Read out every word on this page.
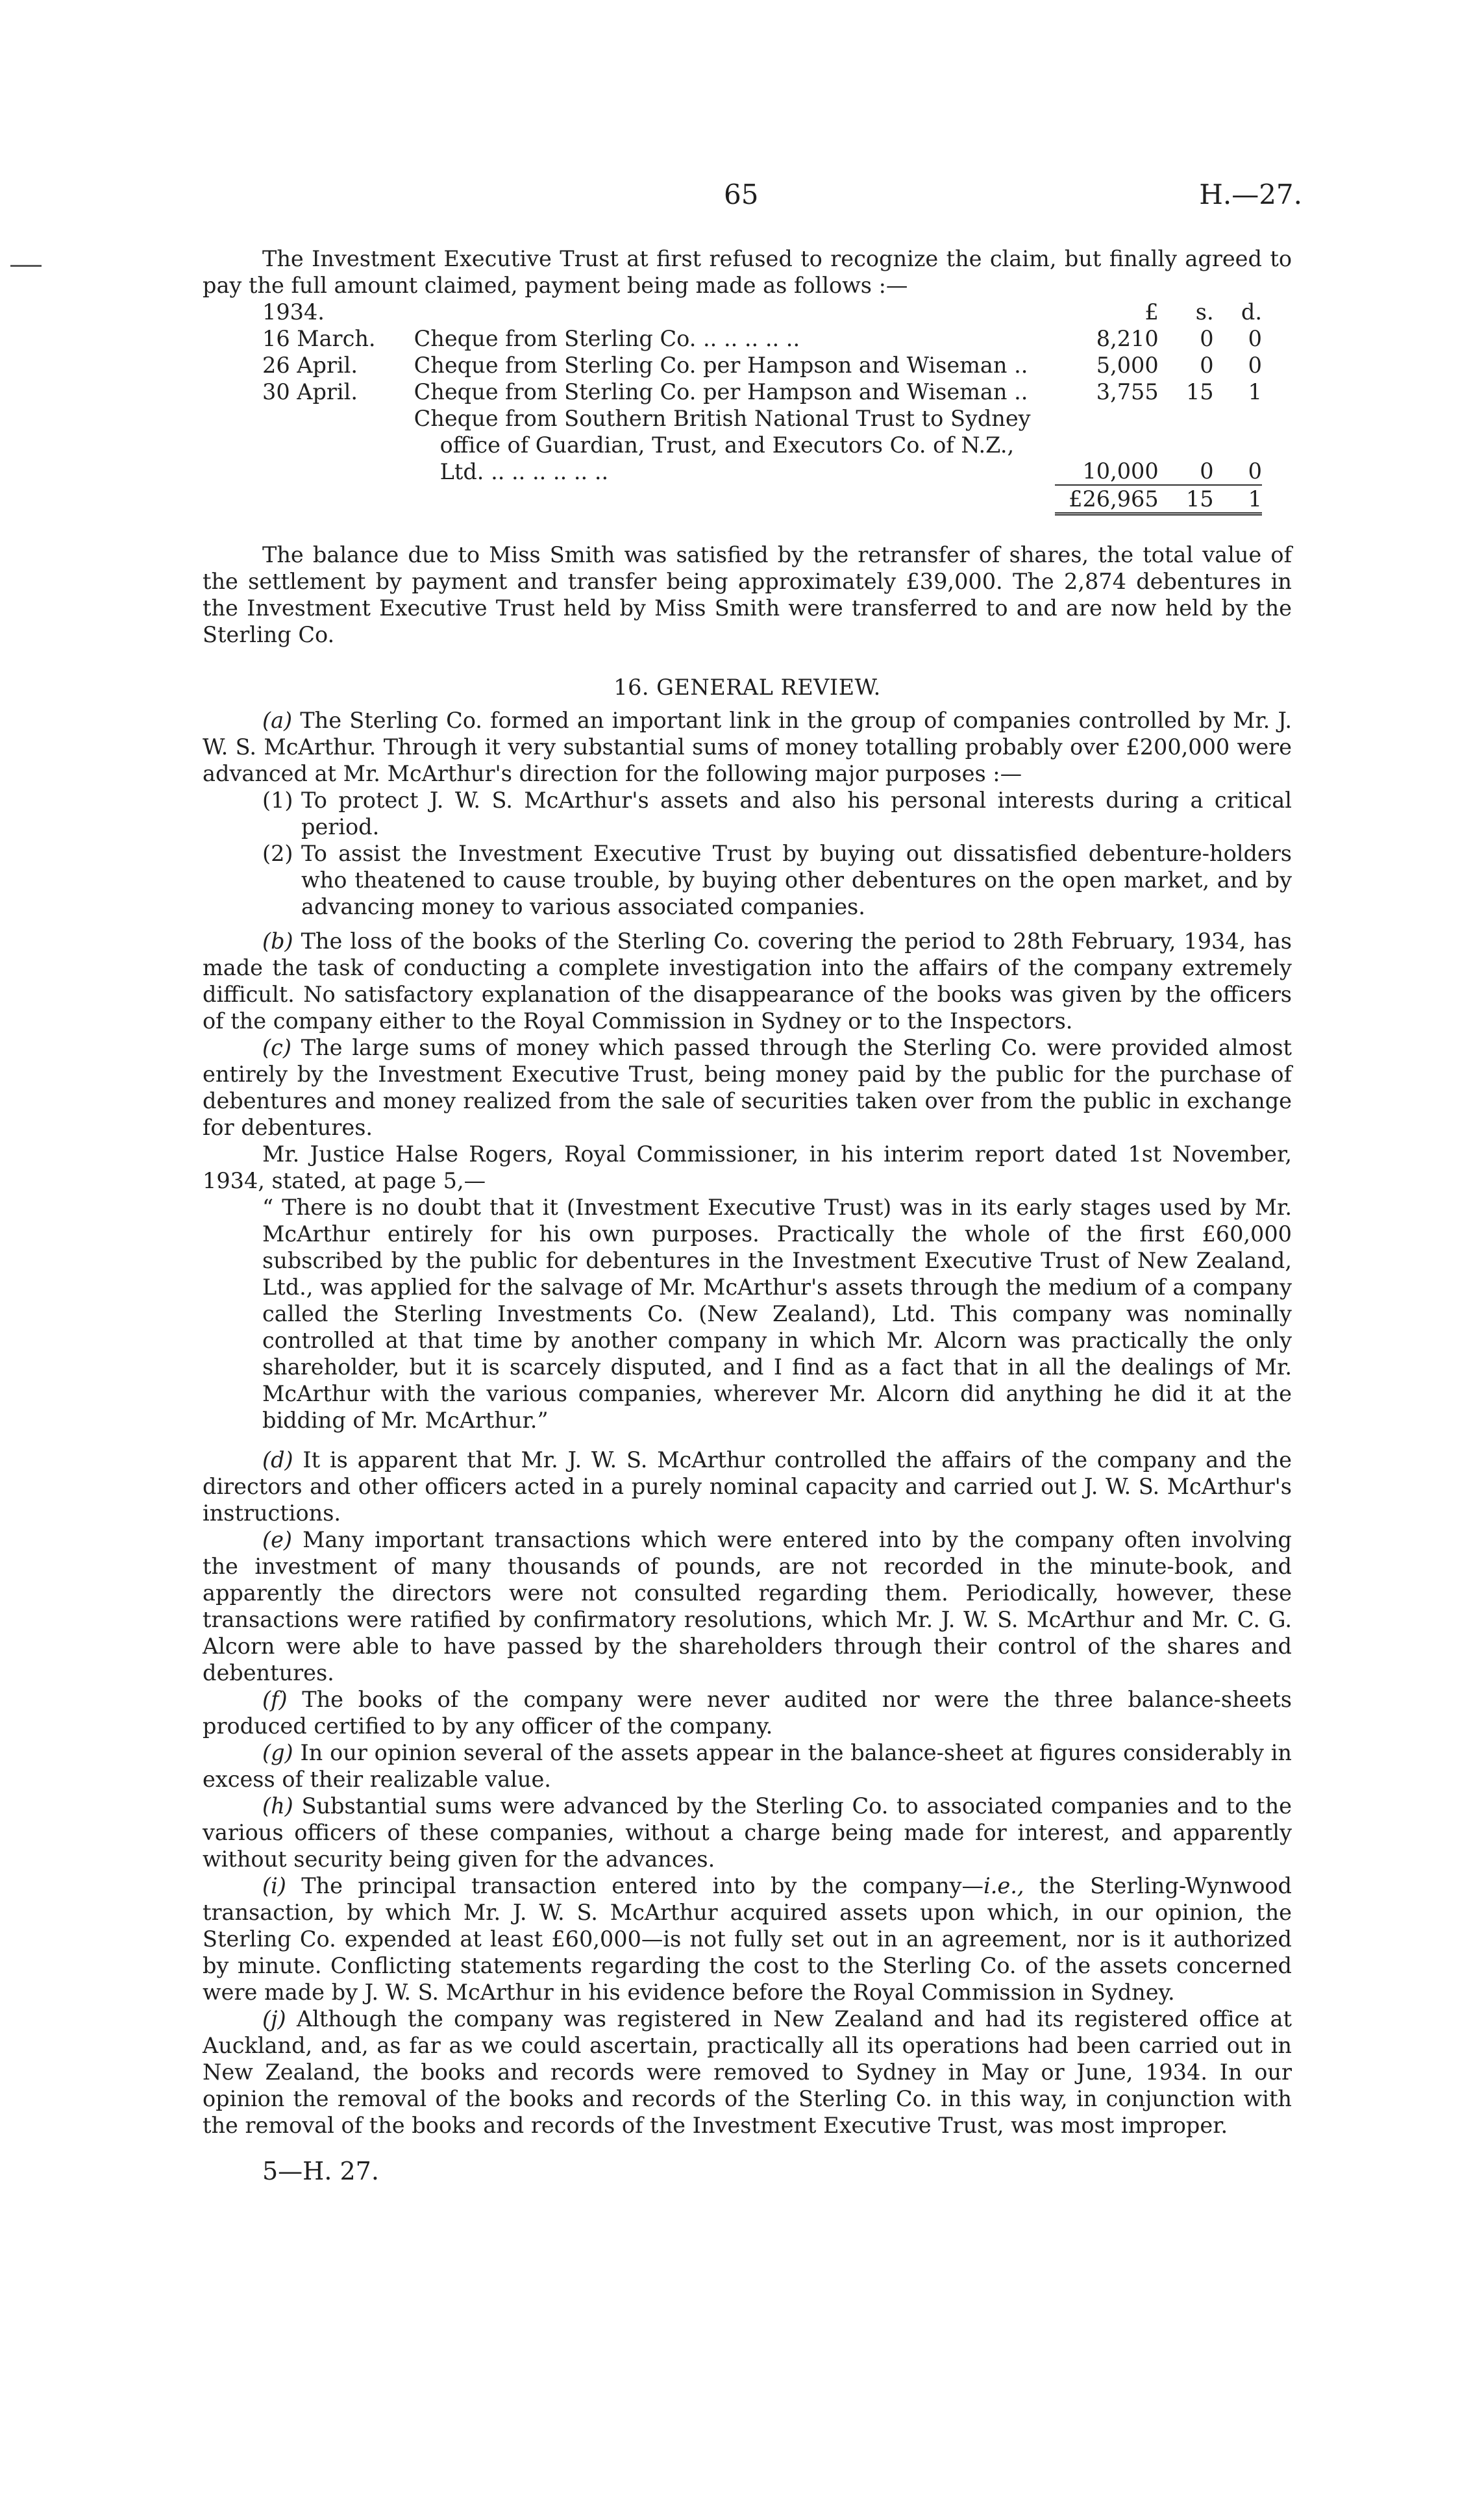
65	H.—27.

The Investment Executive Trust at first refused to recognize the claim, but finally agreed to pay the full amount claimed, payment being made as follows :—

1934.		£	s.	d.
16 March.	Cheque from Sterling Co. .. .. .. .. ..	8,210	0	0
26 April.	Cheque from Sterling Co. per Hampson and Wiseman ..	5,000	0	0
30 April.	Cheque from Sterling Co. per Hampson and Wiseman ..	3,755	15	1

	Cheque from Southern British National Trust to Sydney
office of Guardian, Trust, and Executors Co. of N.Z.,
Ltd. .. .. .. .. .. ..	10,000	0	0
		£26,965	15	1

The balance due to Miss Smith was satisfied by the retransfer of shares, the total value of the settlement by payment and transfer being approximately £39,000. The 2,874 debentures in the Investment Executive Trust held by Miss Smith were transferred to and are now held by the Sterling Co.

16. GENERAL REVIEW.

(a) The Sterling Co. formed an important link in the group of companies controlled by Mr. J. W. S. McArthur. Through it very substantial sums of money totalling probably over £200,000 were advanced at Mr. McArthur's direction for the following major purposes :—

(1) To protect J. W. S. McArthur's assets and also his personal interests during a critical period.
(2) To assist the Investment Executive Trust by buying out dissatisfied debenture-holders who theatened to cause trouble, by buying other debentures on the open market, and by advancing money to various associated companies.

(b) The loss of the books of the Sterling Co. covering the period to 28th February, 1934, has made the task of conducting a complete investigation into the affairs of the company extremely difficult. No satisfactory explanation of the disappearance of the books was given by the officers of the company either to the Royal Commission in Sydney or to the Inspectors.

(c) The large sums of money which passed through the Sterling Co. were provided almost entirely by the Investment Executive Trust, being money paid by the public for the purchase of debentures and money realized from the sale of securities taken over from the public in exchange for debentures.

Mr. Justice Halse Rogers, Royal Commissioner, in his interim report dated 1st November, 1934, stated, at page 5,—

“ There is no doubt that it (Investment Executive Trust) was in its early stages used by Mr. McArthur entirely for his own purposes. Practically the whole of the first £60,000 subscribed by the public for debentures in the Investment Executive Trust of New Zealand, Ltd., was applied for the salvage of Mr. McArthur's assets through the medium of a company called the Sterling Investments Co. (New Zealand), Ltd. This company was nominally controlled at that time by another company in which Mr. Alcorn was practically the only shareholder, but it is scarcely disputed, and I find as a fact that in all the dealings of Mr. McArthur with the various companies, wherever Mr. Alcorn did anything he did it at the bidding of Mr. McArthur.”

(d) It is apparent that Mr. J. W. S. McArthur controlled the affairs of the company and the directors and other officers acted in a purely nominal capacity and carried out J. W. S. McArthur's instructions.

(e) Many important transactions which were entered into by the company often involving the investment of many thousands of pounds, are not recorded in the minute-book, and apparently the directors were not consulted regarding them. Periodically, however, these transactions were ratified by confirmatory resolutions, which Mr. J. W. S. McArthur and Mr. C. G. Alcorn were able to have passed by the shareholders through their control of the shares and debentures.

(f) The books of the company were never audited nor were the three balance-sheets produced certified to by any officer of the company.

(g) In our opinion several of the assets appear in the balance-sheet at figures considerably in excess of their realizable value.

(h) Substantial sums were advanced by the Sterling Co. to associated companies and to the various officers of these companies, without a charge being made for interest, and apparently without security being given for the advances.

(i) The principal transaction entered into by the company—i.e., the Sterling-Wynwood transaction, by which Mr. J. W. S. McArthur acquired assets upon which, in our opinion, the Sterling Co. expended at least £60,000—is not fully set out in an agreement, nor is it authorized by minute. Conflicting statements regarding the cost to the Sterling Co. of the assets concerned were made by J. W. S. McArthur in his evidence before the Royal Commission in Sydney.

(j) Although the company was registered in New Zealand and had its registered office at Auckland, and, as far as we could ascertain, practically all its operations had been carried out in New Zealand, the books and records were removed to Sydney in May or June, 1934. In our opinion the removal of the books and records of the Sterling Co. in this way, in conjunction with the removal of the books and records of the Investment Executive Trust, was most improper.

5—H. 27.
